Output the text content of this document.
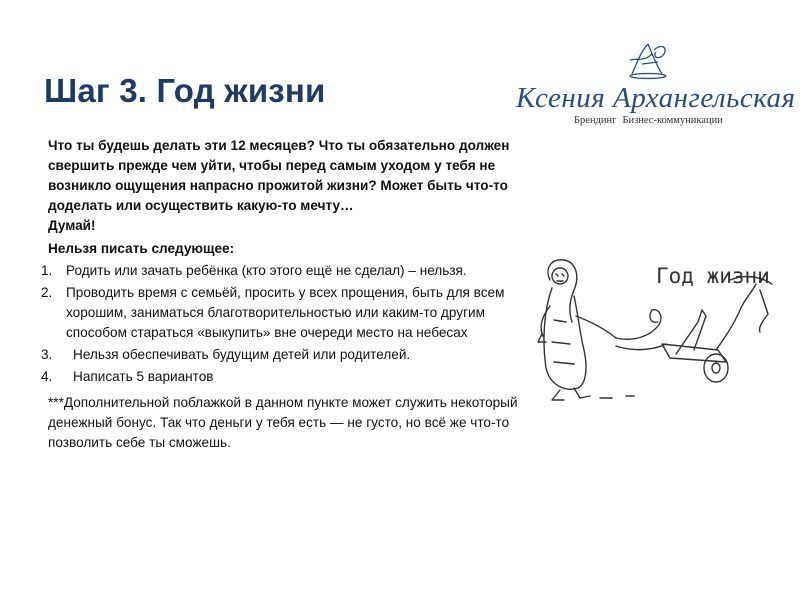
Шаг 3. Год жизни	Ксения Архангельская
Брендинг Бизнес-коммуникации

Что ты будешь делать эти 12 месяцев? Что ты обязательно должен свершить прежде чем уйти, чтобы перед самым уходом у тебя не возникло ощущения напрасно прожитой жизни? Может быть что-то доделать или осуществить какую-то мечту…

Думай!

Нельзя писать следующее:

1. Родить или зачать ребёнка (кто этого ещё не сделал) – нельзя.
2. Проводить время с семьёй, просить у всех прощения, быть для всем хорошим, заниматься благотворительностью или каким-то другим способом стараться «выкупить» вне очереди место на небесах
3. Нельзя обеспечивать будущим детей или родителей.
4. Написать 5 вариантов

***Дополнительной поблажкой в данном пункте может служить некоторый денежный бонус. Так что деньги у тебя есть — не густо, но всё же что-то позволить себе ты сможешь.

Год жизни
